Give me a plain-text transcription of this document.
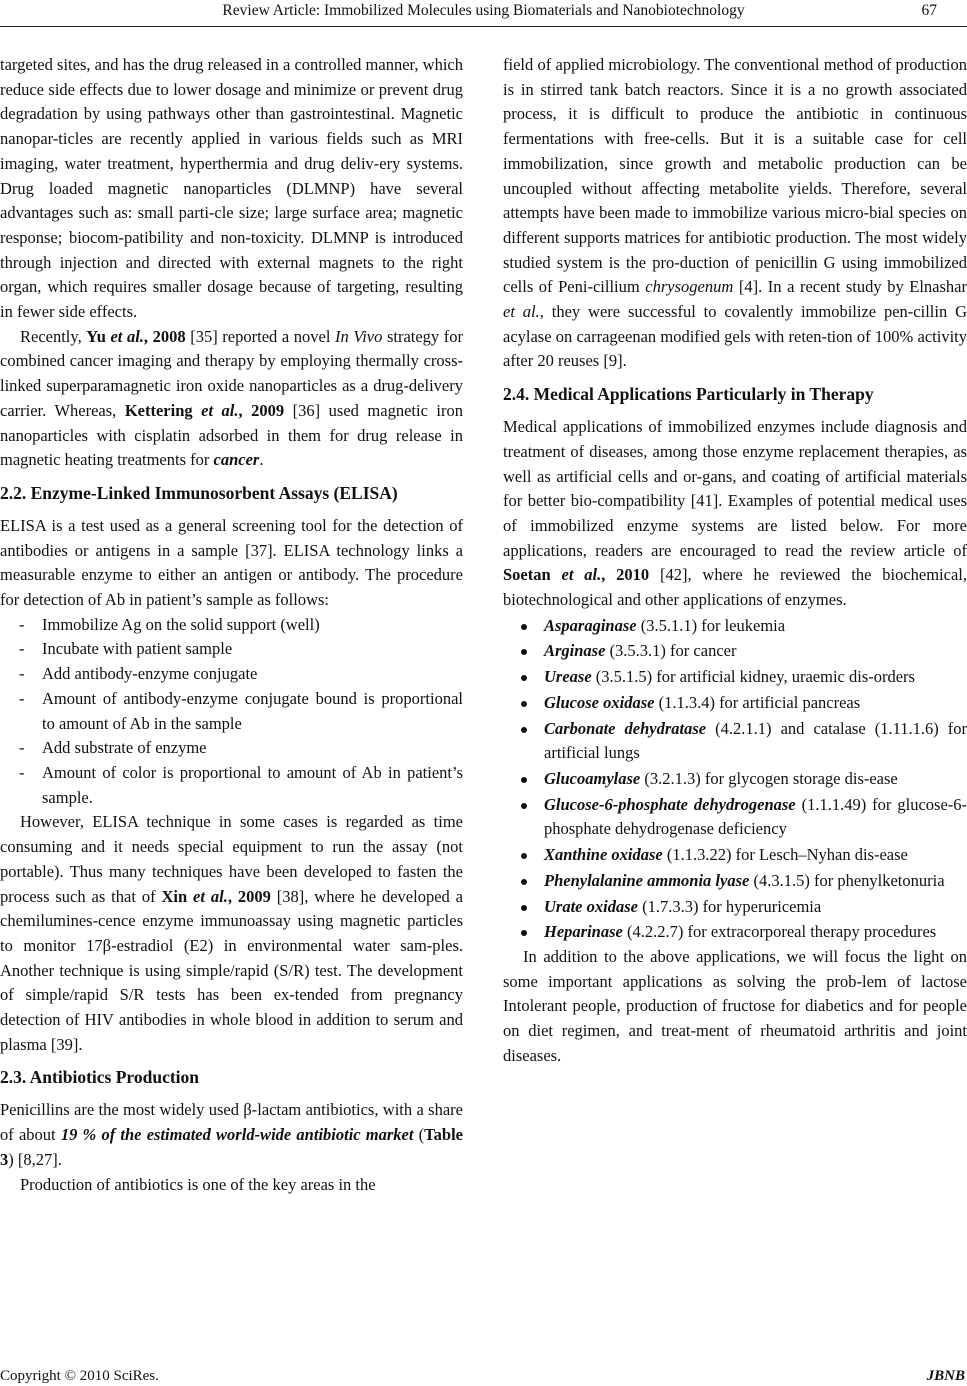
Review Article: Immobilized Molecules using Biomaterials and Nanobiotechnology	67

targeted sites, and has the drug released in a controlled manner, which reduce side effects due to lower dosage and minimize or prevent drug degradation by using pathways other than gastrointestinal. Magnetic nanopar-ticles are recently applied in various fields such as MRI imaging, water treatment, hyperthermia and drug deliv-ery systems. Drug loaded magnetic nanoparticles (DLMNP) have several advantages such as: small parti-cle size; large surface area; magnetic response; biocom-patibility and non-toxicity. DLMNP is introduced through injection and directed with external magnets to the right organ, which requires smaller dosage because of targeting, resulting in fewer side effects.

Recently, Yu et al., 2008 [35] reported a novel In Vivo strategy for combined cancer imaging and therapy by employing thermally cross-linked superparamagnetic iron oxide nanoparticles as a drug-delivery carrier. Whereas, Kettering et al., 2009 [36] used magnetic iron nanoparticles with cisplatin adsorbed in them for drug release in magnetic heating treatments for cancer.

2.2. Enzyme-Linked Immunosorbent Assays (ELISA)

ELISA is a test used as a general screening tool for the detection of antibodies or antigens in a sample [37]. ELISA technology links a measurable enzyme to either an antigen or antibody. The procedure for detection of Ab in patient’s sample as follows:

- Immobilize Ag on the solid support (well)
- Incubate with patient sample
- Add antibody-enzyme conjugate
- Amount of antibody-enzyme conjugate bound is proportional to amount of Ab in the sample
- Add substrate of enzyme
- Amount of color is proportional to amount of Ab in patient’s sample.

However, ELISA technique in some cases is regarded as time consuming and it needs special equipment to run the assay (not portable). Thus many techniques have been developed to fasten the process such as that of Xin et al., 2009 [38], where he developed a chemilumines-cence enzyme immunoassay using magnetic particles to monitor 17β-estradiol (E2) in environmental water sam-ples. Another technique is using simple/rapid (S/R) test. The development of simple/rapid S/R tests has been ex-tended from pregnancy detection of HIV antibodies in whole blood in addition to serum and plasma [39].

2.3. Antibiotics Production

Penicillins are the most widely used β-lactam antibiotics, with a share of about 19 % of the estimated world-wide antibiotic market (Table 3) [8,27].

Production of antibiotics is one of the key areas in the

field of applied microbiology. The conventional method of production is in stirred tank batch reactors. Since it is a no growth associated process, it is difficult to produce the antibiotic in continuous fermentations with free-cells. But it is a suitable case for cell immobilization, since growth and metabolic production can be uncoupled without affecting metabolite yields. Therefore, several attempts have been made to immobilize various micro-bial species on different supports matrices for antibiotic production. The most widely studied system is the pro-duction of penicillin G using immobilized cells of Peni-cillium chrysogenum [4]. In a recent study by Elnashar et al., they were successful to covalently immobilize pen-cillin G acylase on carrageenan modified gels with reten-tion of 100% activity after 20 reuses [9].

2.4. Medical Applications Particularly in Therapy

Medical applications of immobilized enzymes include diagnosis and treatment of diseases, among those enzyme replacement therapies, as well as artificial cells and or-gans, and coating of artificial materials for better bio-compatibility [41]. Examples of potential medical uses of immobilized enzyme systems are listed below. For more applications, readers are encouraged to read the review article of Soetan et al., 2010 [42], where he reviewed the biochemical, biotechnological and other applications of enzymes.

Asparaginase (3.5.1.1) for leukemia
Arginase (3.5.3.1) for cancer
Urease (3.5.1.5) for artificial kidney, uraemic dis-orders
Glucose oxidase (1.1.3.4) for artificial pancreas
Carbonate dehydratase (4.2.1.1) and catalase (1.11.1.6) for artificial lungs
Glucoamylase (3.2.1.3) for glycogen storage dis-ease
Glucose-6-phosphate dehydrogenase (1.1.1.49) for glucose-6-phosphate dehydrogenase deficiency
Xanthine oxidase (1.1.3.22) for Lesch–Nyhan dis-ease
Phenylalanine ammonia lyase (4.3.1.5) for phenylketonuria
Urate oxidase (1.7.3.3) for hyperuricemia
Heparinase (4.2.2.7) for extracorporeal therapy procedures

In addition to the above applications, we will focus the light on some important applications as solving the prob-lem of lactose Intolerant people, production of fructose for diabetics and for people on diet regimen, and treat-ment of rheumatoid arthritis and joint diseases.

Copyright © 2010 SciRes.	JBNB
